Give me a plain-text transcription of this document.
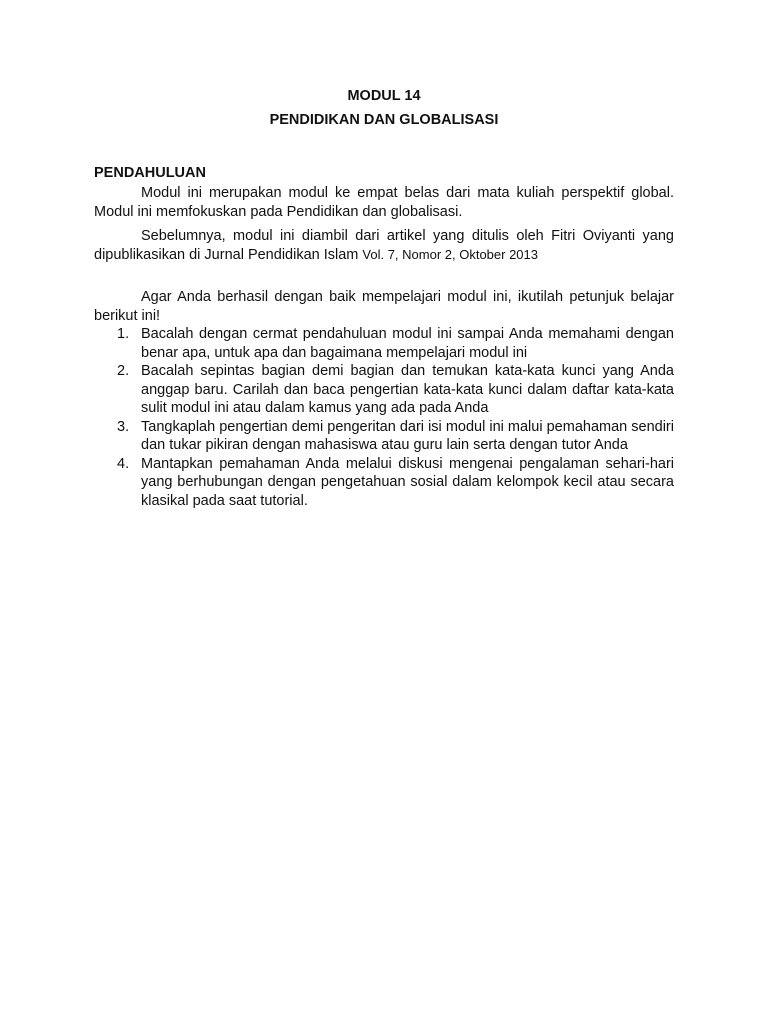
MODUL 14

PENDIDIKAN DAN GLOBALISASI

PENDAHULUAN

Modul ini merupakan modul ke empat belas dari mata kuliah perspektif global. Modul ini memfokuskan pada Pendidikan dan globalisasi.

Sebelumnya, modul ini diambil dari artikel yang ditulis oleh Fitri Oviyanti yang dipublikasikan di Jurnal Pendidikan Islam Vol. 7, Nomor 2, Oktober 2013

Agar Anda berhasil dengan baik mempelajari modul ini, ikutilah petunjuk belajar berikut ini!

1. Bacalah dengan cermat pendahuluan modul ini sampai Anda memahami dengan benar apa, untuk apa dan bagaimana mempelajari modul ini
2. Bacalah sepintas bagian demi bagian dan temukan kata-kata kunci yang Anda anggap baru. Carilah dan baca pengertian kata-kata kunci dalam daftar kata-kata sulit modul ini atau dalam kamus yang ada pada Anda
3. Tangkaplah pengertian demi pengeritan dari isi modul ini malui pemahaman sendiri dan tukar pikiran dengan mahasiswa atau guru lain serta dengan tutor Anda
4. Mantapkan pemahaman Anda melalui diskusi mengenai pengalaman sehari-hari yang berhubungan dengan pengetahuan sosial dalam kelompok kecil atau secara klasikal pada saat tutorial.
